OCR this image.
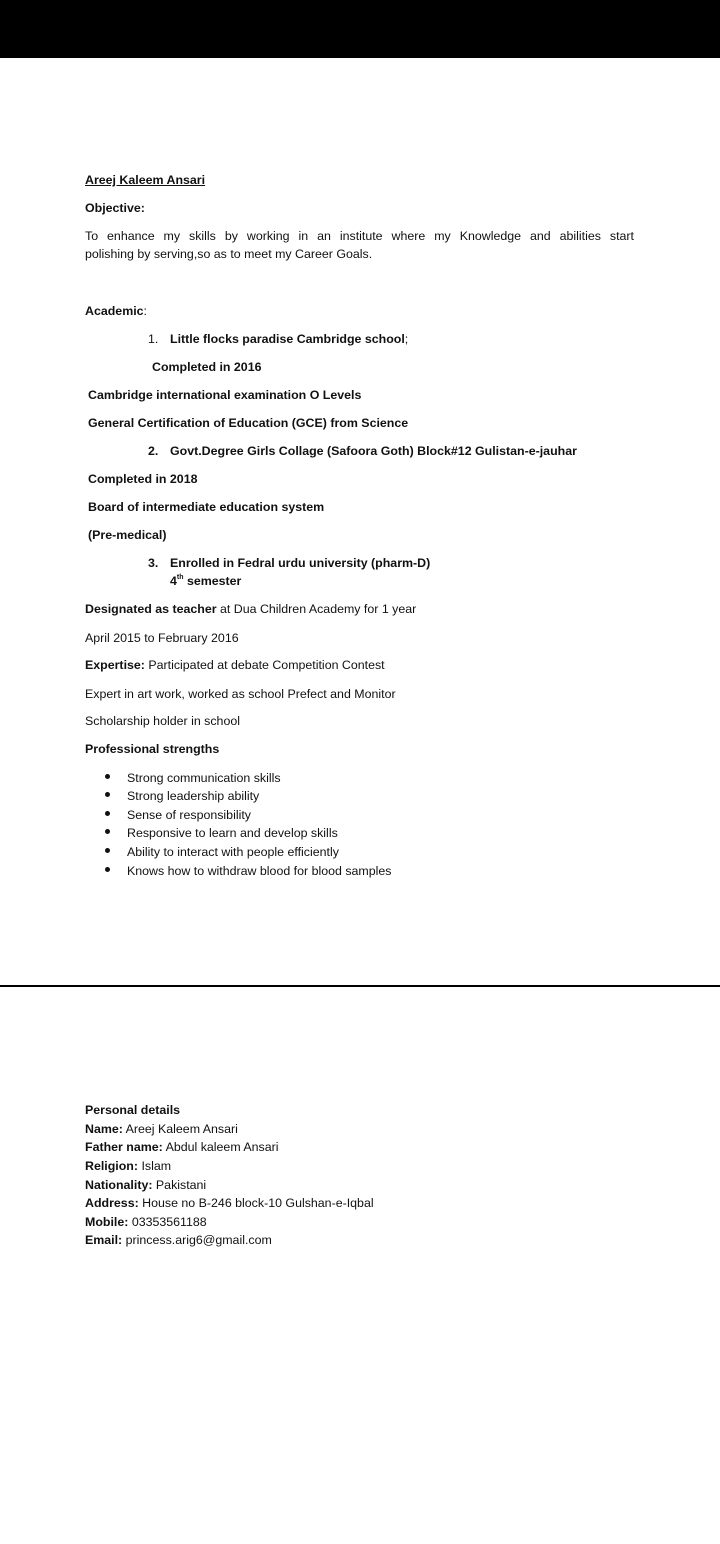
Areej Kaleem Ansari
Objective:
To enhance my skills by working in an institute where my Knowledge and abilities start
polishing by serving,so as to meet my Career Goals.
Academic:
1. Little flocks paradise Cambridge school;
Completed in 2016
Cambridge international examination O Levels
General Certification of Education (GCE) from Science
2. Govt.Degree Girls Collage (Safoora Goth) Block#12 Gulistan-e-jauhar
Completed in 2018
Board of intermediate education system
(Pre-medical)
3. Enrolled in Fedral urdu university (pharm-D)
4th semester
Designated as teacher at Dua Children Academy for 1 year
April 2015 to February 2016
Expertise: Participated at debate Competition Contest
Expert in art work, worked as school Prefect and Monitor
Scholarship holder in school
Professional strengths
Strong communication skills
Strong leadership ability
Sense of responsibility
Responsive to learn and develop skills
Ability to interact with people efficiently
Knows how to withdraw blood for blood samples
Personal details
Name: Areej Kaleem Ansari
Father name: Abdul kaleem Ansari
Religion: Islam
Nationality: Pakistani
Address: House no B-246 block-10 Gulshan-e-Iqbal
Mobile: 03353561188
Email: princess.arig6@gmail.com
